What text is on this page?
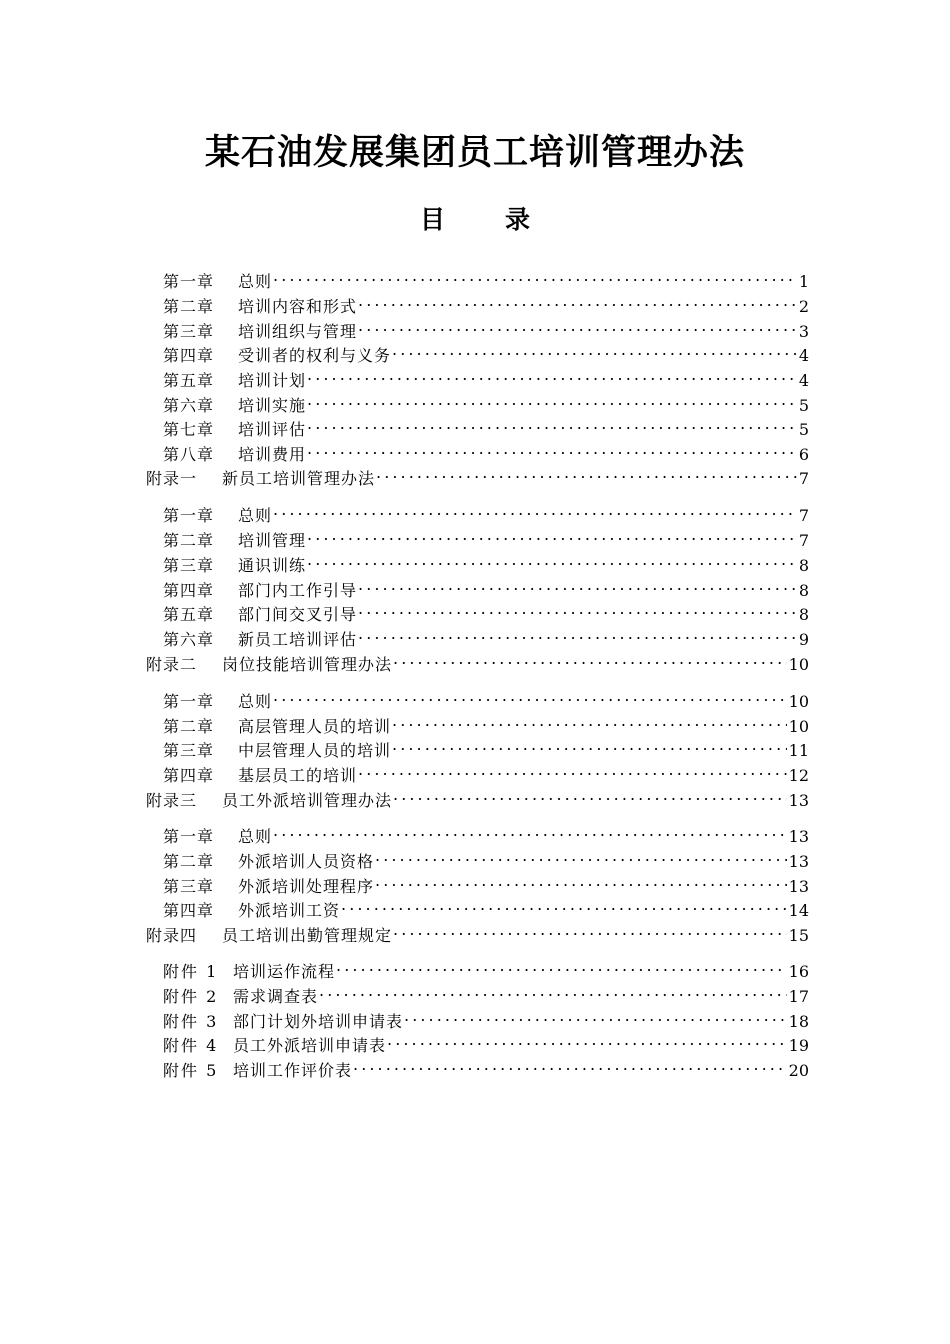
某石油发展集团员工培训管理办法
目录
第一章	总则 . . .	1
第二章	培训内容和形式 . . .	2
第三章	培训组织与管理 . . .	3
第四章	受训者的权利与义务 . . .	4
第五章	培训计划 . . .	4
第六章	培训实施 . . .	5
第七章	培训评估 . . .	5
第八章	培训费用 . . .	6
附录一	新员工培训管理办法 . . .	7
第一章	总则 . . .	7
第二章	培训管理 . . .	7
第三章	通识训练 . . .	8
第四章	部门内工作引导 . . .	8
第五章	部门间交叉引导 . . .	8
第六章	新员工培训评估 . . .	9
附录二	岗位技能培训管理办法 . . .	10
第一章	总则 . . .	10
第二章	高层管理人员的培训 . . .	10
第三章	中层管理人员的培训 . . .	11
第四章	基层员工的培训 . . .	12
附录三	员工外派培训管理办法 . . .	13
第一章	总则 . . .	13
第二章	外派培训人员资格 . . .	13
第三章	外派培训处理程序 . . .	13
第四章	外派培训工资 . . .	14
附录四	员工培训出勤管理规定 . . .	15
附件 1 培训运作流程 . . .	16
附件 2 需求调查表 . . .	17
附件 3 部门计划外培训申请表 . . .	18
附件 4 员工外派培训申请表 . . .	19
附件 5 培训工作评价表 . . .	20
